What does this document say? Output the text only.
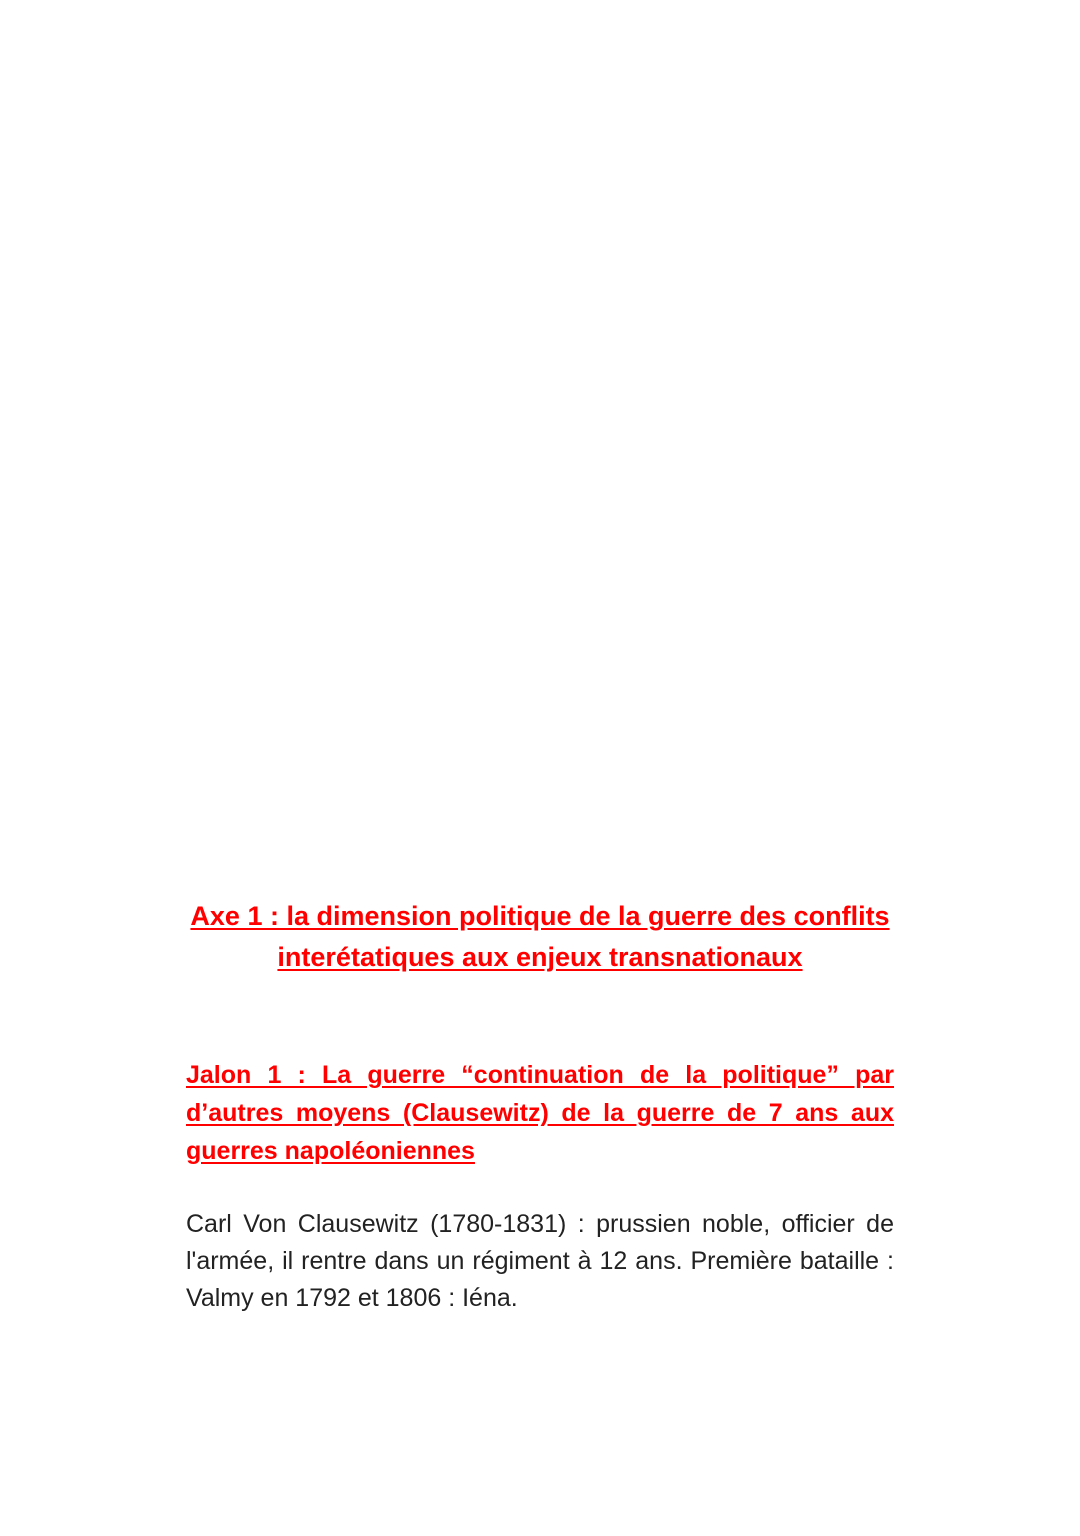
Axe 1 : la dimension politique de la guerre des conflits interétatiques aux enjeux transnationaux
Jalon 1 : La guerre “continuation de la politique” par d’autres moyens (Clausewitz) de la guerre de 7 ans aux guerres napoléoniennes

Carl Von Clausewitz (1780-1831) : prussien noble, officier de l'armée, il rentre dans un régiment à 12 ans. Première bataille : Valmy en 1792 et 1806 : Iéna.
